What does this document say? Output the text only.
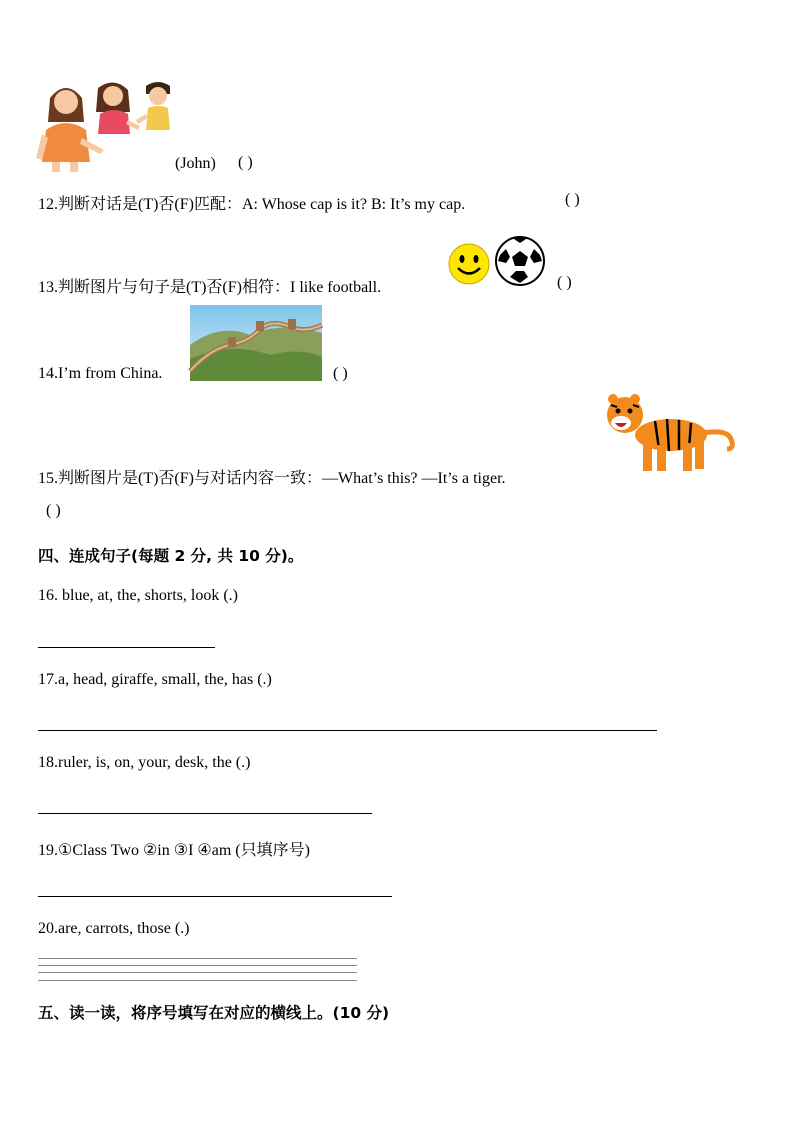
(John) ( )
12.判断对话是(T)否(F)匹配：A: Whose cap is it? B: It’s my cap.	( )
13.判断图片与句子是(T)否(F)相符：I like football.	( )
14.I’m from China.	( )
15.判断图片是(T)否(F)与对话内容一致：—What’s this? —It’s a tiger.
( )
四、连成句子(每题 2 分, 共 10 分)。
16. blue, at, the, shorts, look (.)
17.a, head, giraffe, small, the, has (.)
18.ruler, is, on, your, desk, the (.)
19.①Class Two ②in ③I ④am (只填序号)
20.are, carrots, those (.)
五、读一读，将序号填写在对应的横线上。(10 分)
